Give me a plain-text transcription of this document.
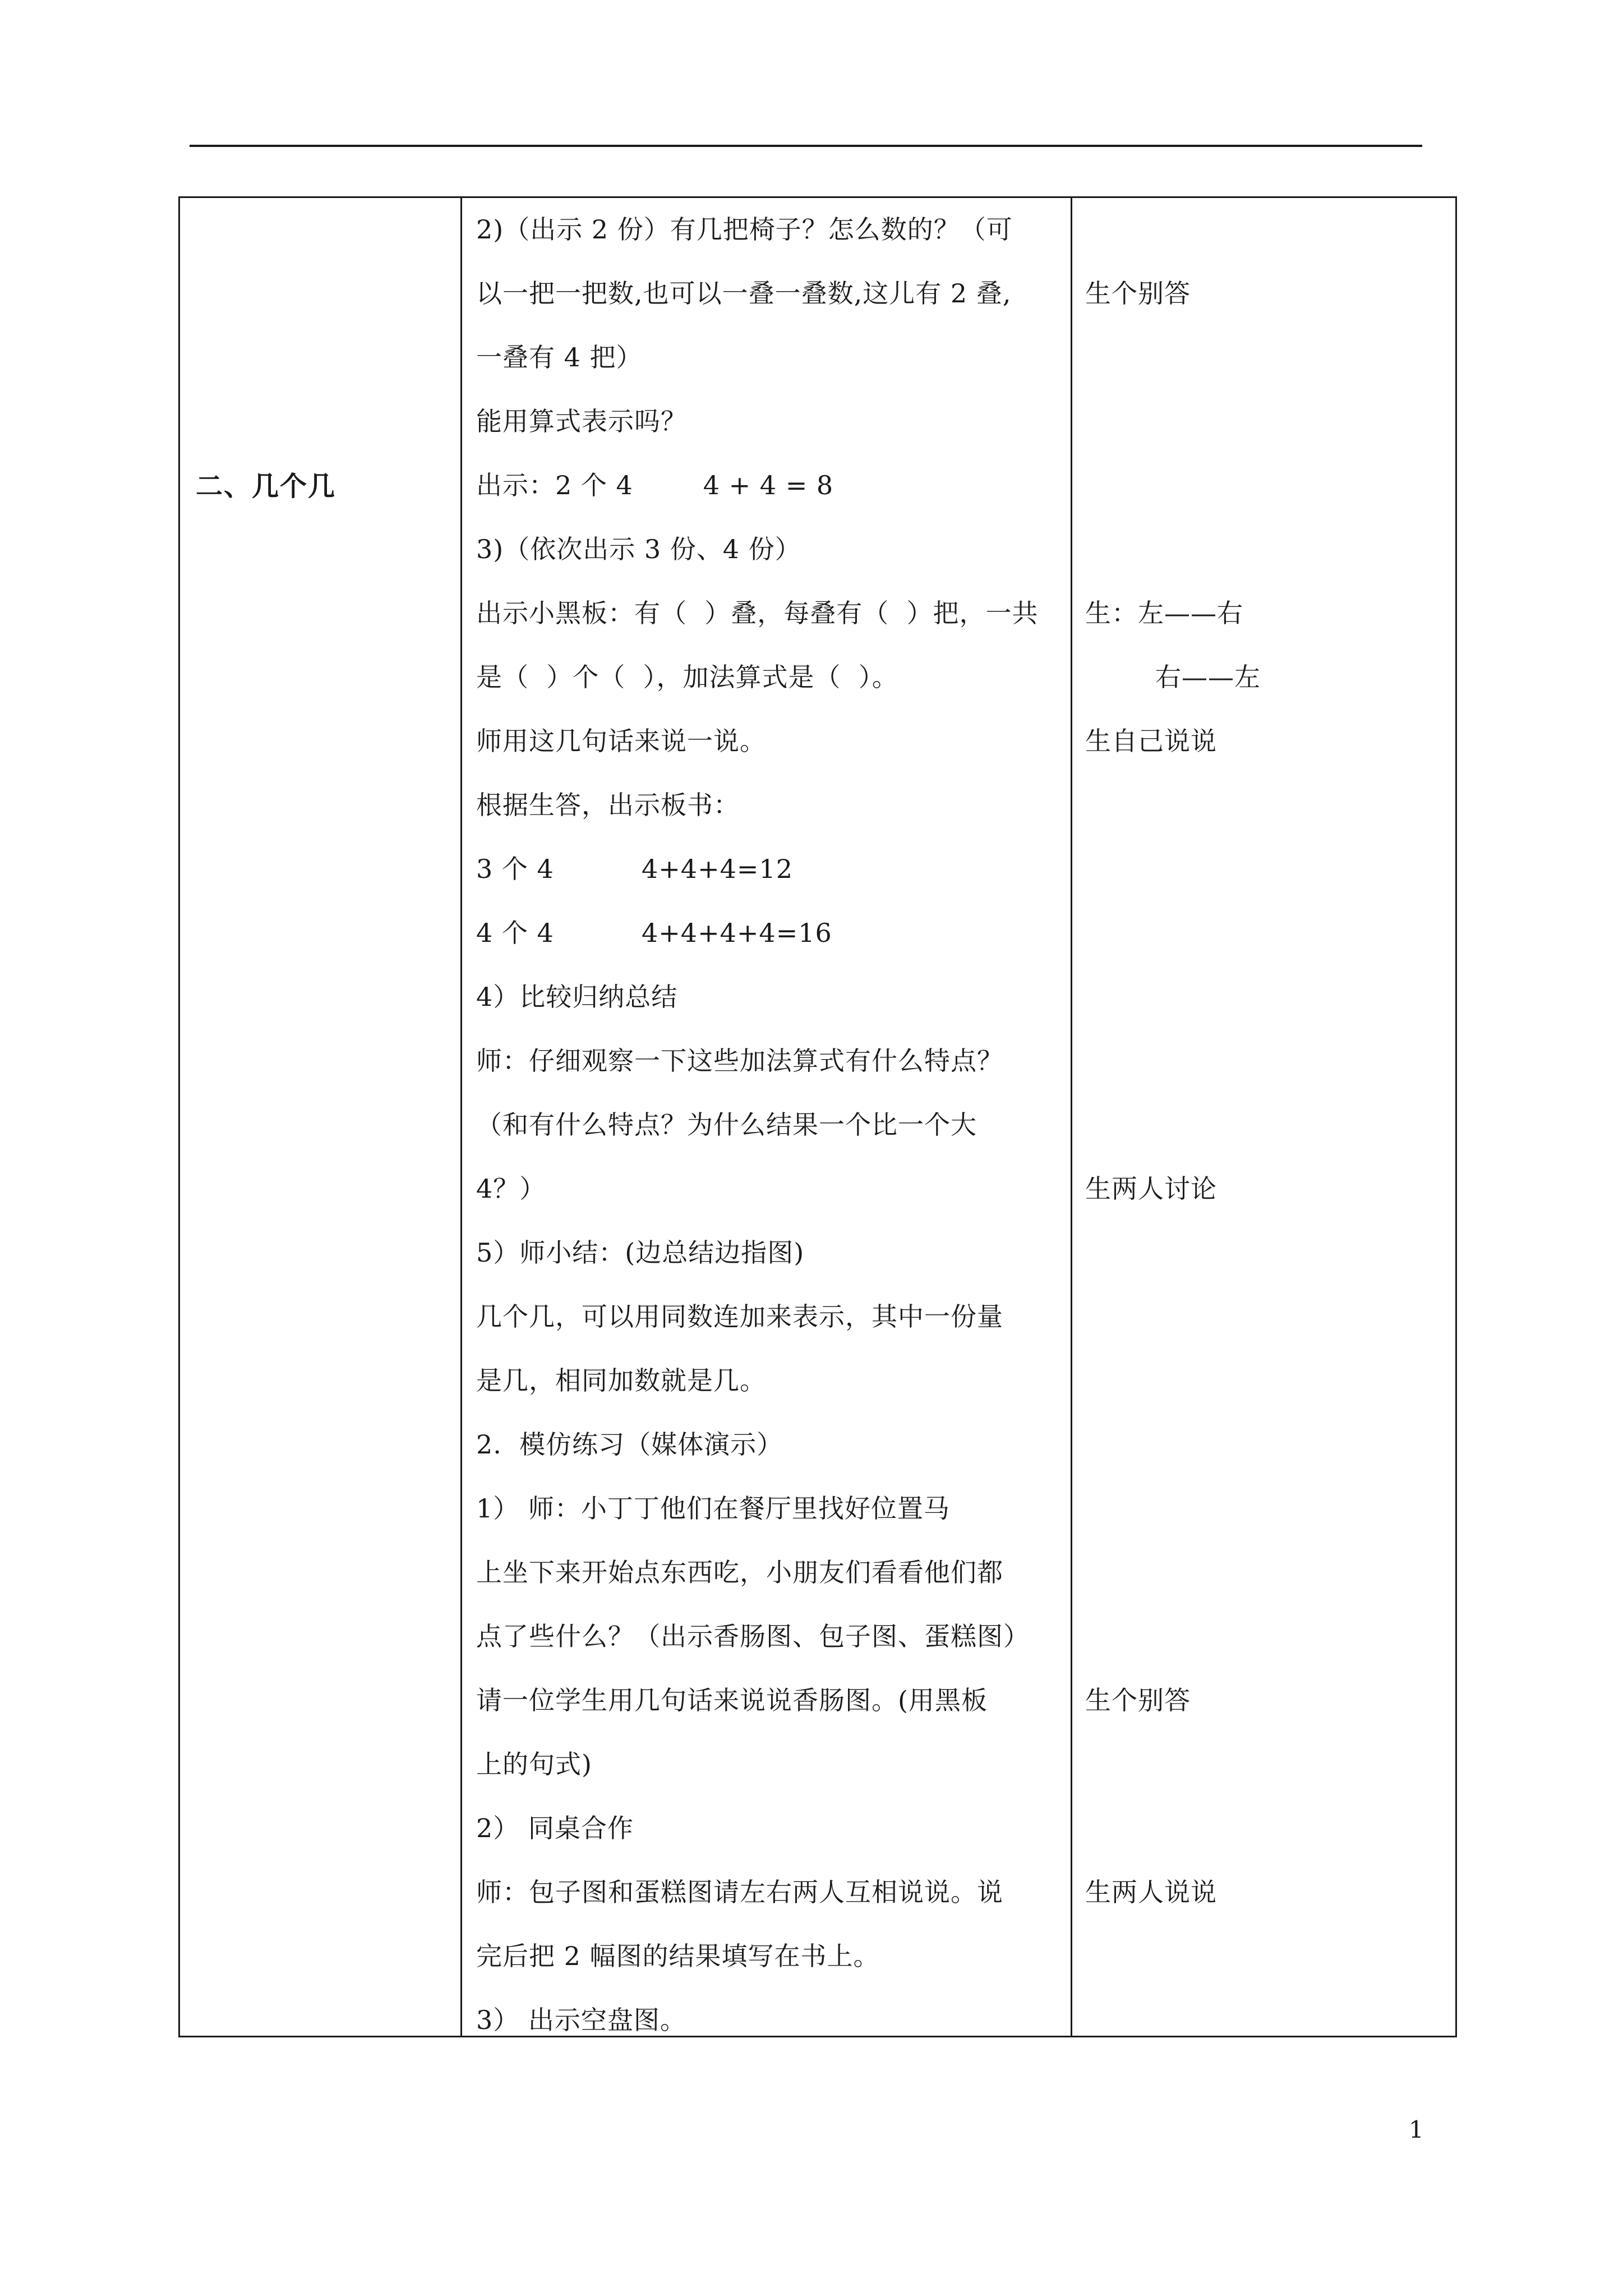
二、几个几
2)（出示 2 份）有几把椅子？怎么数的？（可
以一把一把数,也可以一叠一叠数,这儿有 2 叠,
一叠有 4 把）
能用算式表示吗？
出示：2 个 4        4 + 4 = 8
3)（依次出示 3 份、4 份）
出示小黑板：有（  ）叠，每叠有（  ）把，一共
是（  ）个（  ），加法算式是（  ）。
师用这几句话来说一说。
根据生答，出示板书：
3 个 4          4+4+4=12
4 个 4          4+4+4+4=16
4）比较归纳总结
师：仔细观察一下这些加法算式有什么特点？
（和有什么特点？为什么结果一个比一个大
4？）
5）师小结：(边总结边指图)
几个几，可以用同数连加来表示，其中一份量
是几，相同加数就是几。
2.  模仿练习（媒体演示）
1） 师：小丁丁他们在餐厅里找好位置马
上坐下来开始点东西吃，小朋友们看看他们都
点了些什么？（出示香肠图、包子图、蛋糕图）
请一位学生用几句话来说说香肠图。(用黑板
上的句式)
2） 同桌合作
师：包子图和蛋糕图请左右两人互相说说。说
完后把 2 幅图的结果填写在书上。
3） 出示空盘图。
生个别答
生：左——右
右——左
生自己说说
生两人讨论
生个别答
生两人说说
1
